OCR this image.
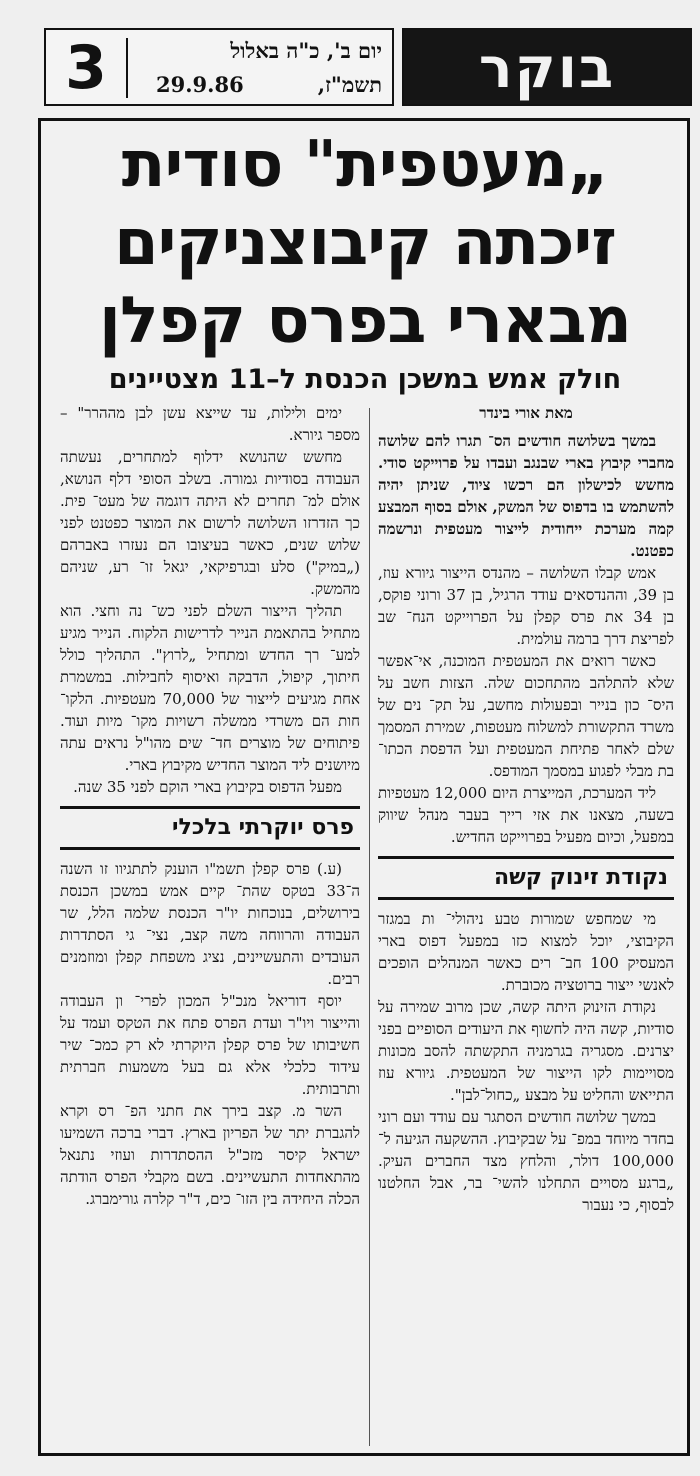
3	יום ב', כ"ה באלול
תשמ"ז,
29.9.86	בוקר
„מעטפית" סודית
זיכתה קיבוצניקים
מבארי בפרס קפלן
חולק אמש במשכן הכנסת ל–11 מצטיינים

מאת אורי בינדר

במשך בשלושה חודשים הס־ תגרו להם שלושה מחברי קיבוץ בארי שבנגב ועבדו על פרוייקט סודי. מחשש לכישלון הם רכשו ציוד, שניתן יהיה להשתמש בו בדפוס של המשק, אולם בסוף המבצע קמה מערכת ייחודית לייצור מעטפית ונרשמה כפטנט.

אמש קבלו השלושה – מהנדס הייצור גיורא עוז, בן 39, וההנדסאים עודד הרגיל, בן 37 ורוני פוקס, בן 34 את פרס קפלן על הפרוייקט הנח־ שב לפריצת דרך ברמה עולמית.

כאשר רואים את המעטפית המוכנה, אי־אפשר שלא להתלהב מהתחכום שלה. הצזות חשב על היס־ כון בנייר ובפעולות מחשב, על תק־ נים של משרד התקשורת למשלוח מעטפות, שמירת המסמך שלם לאחר פתיחת המעטפית ועל הדפסת הכתו־ בת מבלי לפגוע במסמך המודפס.

ליד המערכת, המייצרת היום 12,000 מעטפיות בשעה, מצאנו את אזי רייך בעבר מנהל שיווק במפעל, וכיום מפעיל בפרוייקט החדיש.

נקודת זינוק קשה

מי שמחפש שמורות טבע ניהולי־ ות במגזר הקיבוצי, יוכל למצוא כזו במפעל דפוס בארי המעסיק 100 חב־ רים כאשר המנהלים הופכים לאנשי ייצור ברוטציה מכוברת.

נקודת הזינוק היתה קשה, שכן מרוב שמירה על סודיות, קשה היה לחשוף את היעודים הסופיים בפני יצרנים. מסגריה בגרמניה התקשתה להסב מכונות מסויימות לקו הייצור של המעטפית. גיורא עוז התייאש והחליט על מבצע „כחול־לבן".

במשך שלושה חודשים הסתגר עם עודד ועם רוני בחדר מיוחד במפ־ על שבקיבוץ. ההשקעה הגיעה ל־ 100,000 דולר, והלחץ מצד החברים העיק. „ברגע מסויים התחלנו להשי־ בר, אבל החלטנו לבסוף, כי נעבור

ימים ולילות, עד שייצא עשן לבן מההרר" – מספר גיורא.

מחשש שהנושא ידלוף למתחרים, נעשתה העבודה בסודיות גמורה. בשלב הסופי דלף הנושא, אולם למ־ תחרים לא היתה דוגמה של מעט־ פית. כך הזדרזו השלושה לרשום את המוצר כפטנט לפני שלוש שנים, כאשר בעיצובו הם נעזרו באברהם („במיק") סלע ובגרפיקאי, יגאל זו־ רע, שניהם מהמשק.

תהליך הייצור השלם לפני כש־ נה וחצי. הוא מתחיל בהתאמת הנייר לדרישות הלקוח. הנייר מגיע למע־ רך החדש ומתחיל „לרוץ". התהליך כולל חיתוך, קיפול, הדבקה ואיסוף לחבילות. במשמרת אחת מגיעים לייצור של 70,000 מעטפיות. הלקו־ חות הם משרדי ממשלה רשויות מקו־ מיות ועוד. פיתוחים של מוצרים חד־ שים מהו"ל נראים עתה מיושנים ליד המוצר החדיש מקיבוץ בארי.

מפעל הדפוס בקיבוץ בארי הוקם לפני 35 שנה.

פרס יוקרתי בלכלי

(ע.) פרס קפלן תשמ"ו הוענק לתתגיוו זו השנה ה־33 בטקס שהת־ קיים אמש במשכן הכנסת בירושלים, בנוכחות יו"ר הכנסת שלמה הלל, שר העבודה והרווחה משה קצב, נצי־ גי הסתדרות העובדים והתעשיינים, נציג משפחת קפלן ומוזמנים רבים.

יוסף דוריאל מנכ"ל המכון לפרי־ ון העבודה והייצור ויו"ר ועדת הפרס פתח את הטקס ועמד על חשיבותו של פרס קפלן היוקרתי לא רק כמכ־ שיר עידוד כלכלי אלא גם בעל משמעות חברתית ותרבותית.

השר מ. קצב בירך את חתני הפ־ רס וקרא להגברת יתר של הפריון בארץ. דברי ברכה השמיעו ישראל קיסר מזכ"ל ההסתדרות ועוזי נתנאל מהתאחדות התעשיינים. בשם מקבלי הפרס הודתה הכלה היחידה בין הזו־ כים, ד"ר קלרה גורימברג.
